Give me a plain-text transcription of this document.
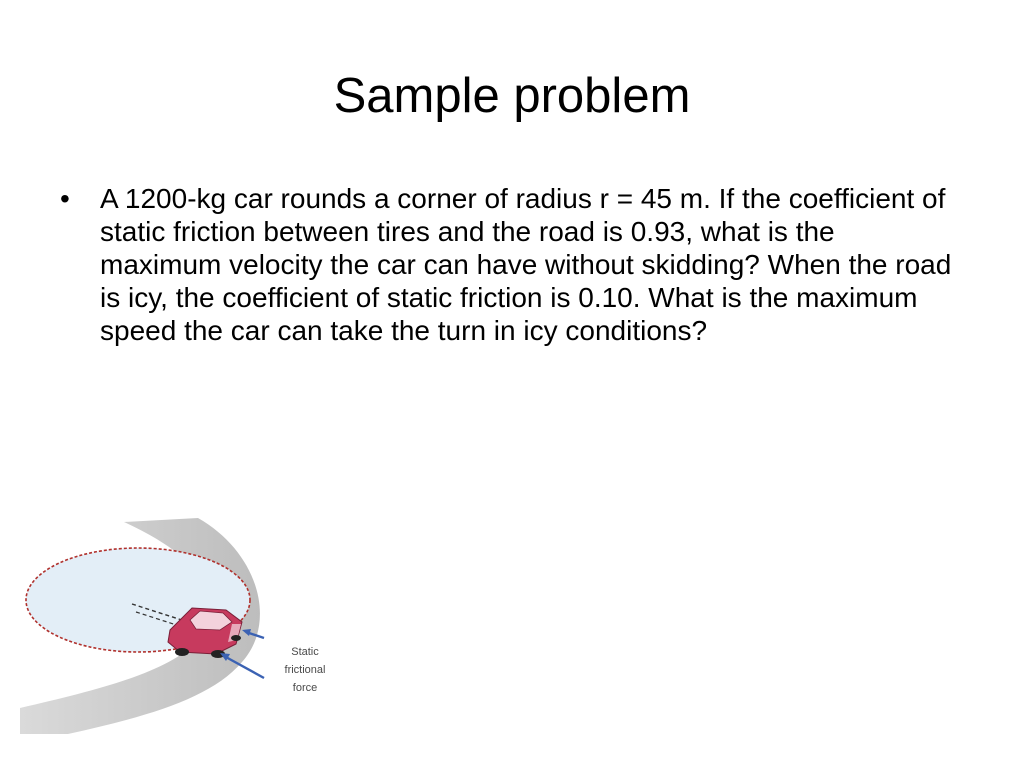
Sample problem
• A 1200-kg car rounds a corner of radius r = 45 m. If the coefficient of static friction between tires and the road is 0.93, what is the maximum velocity the car can have without skidding? When the road is icy, the coefficient of static friction is 0.10. What is the maximum speed the car can take the turn in icy conditions?
Static
frictional
force
